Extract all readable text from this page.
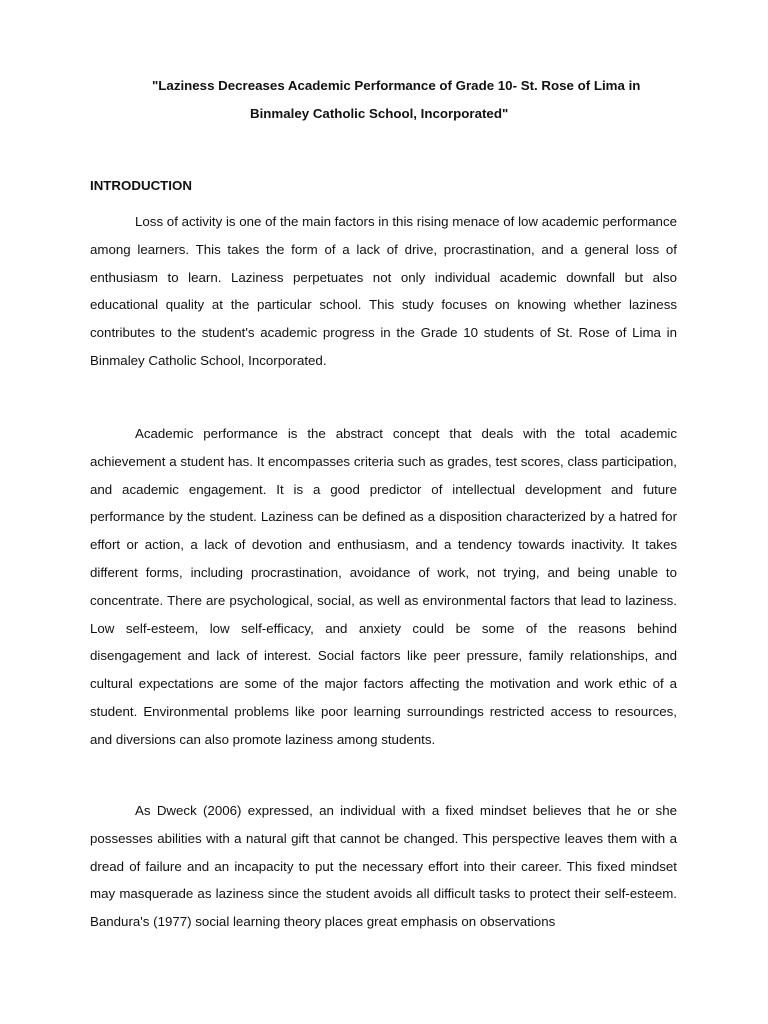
"Laziness Decreases Academic Performance of Grade 10- St. Rose of Lima in

Binmaley Catholic School, Incorporated"

INTRODUCTION

Loss of activity is one of the main factors in this rising menace of low academic performance among learners. This takes the form of a lack of drive, procrastination, and a general loss of enthusiasm to learn. Laziness perpetuates not only individual academic downfall but also educational quality at the particular school. This study focuses on knowing whether laziness contributes to the student's academic progress in the Grade 10 students of St. Rose of Lima in Binmaley Catholic School, Incorporated.

Academic performance is the abstract concept that deals with the total academic achievement a student has. It encompasses criteria such as grades, test scores, class participation, and academic engagement. It is a good predictor of intellectual development and future performance by the student. Laziness can be defined as a disposition characterized by a hatred for effort or action, a lack of devotion and enthusiasm, and a tendency towards inactivity. It takes different forms, including procrastination, avoidance of work, not trying, and being unable to concentrate. There are psychological, social, as well as environmental factors that lead to laziness. Low self-esteem, low self-efficacy, and anxiety could be some of the reasons behind disengagement and lack of interest. Social factors like peer pressure, family relationships, and cultural expectations are some of the major factors affecting the motivation and work ethic of a student. Environmental problems like poor learning surroundings restricted access to resources, and diversions can also promote laziness among students.

As Dweck (2006) expressed, an individual with a fixed mindset believes that he or she possesses abilities with a natural gift that cannot be changed. This perspective leaves them with a dread of failure and an incapacity to put the necessary effort into their career. This fixed mindset may masquerade as laziness since the student avoids all difficult tasks to protect their self-esteem. Bandura's (1977) social learning theory places great emphasis on observations
